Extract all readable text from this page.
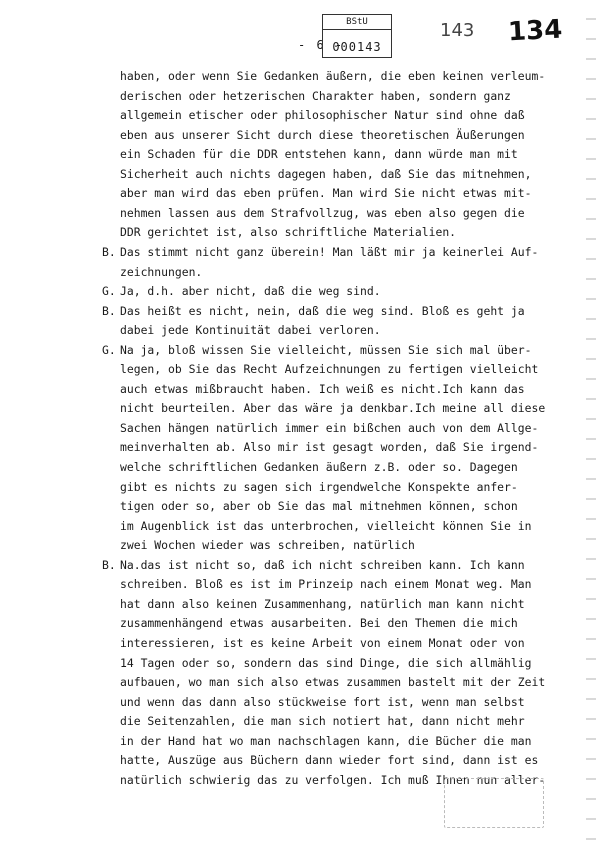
- 6 -
BStU
000143
143 134
haben, oder wenn Sie Gedanken äußern, die eben keinen verleum-
derischen oder hetzerischen Charakter haben, sondern ganz
allgemein etischer oder philosophischer Natur sind ohne daß
eben aus unserer Sicht durch diese theoretischen Äußerungen
ein Schaden für die DDR entstehen kann, dann würde man mit
Sicherheit auch nichts dagegen haben, daß Sie das mitnehmen,
aber man wird das eben prüfen. Man wird Sie nicht etwas mit-
nehmen lassen aus dem Strafvollzug, was eben also gegen die
DDR gerichtet ist, also schriftliche Materialien.
B. Das stimmt nicht ganz überein! Man läßt mir ja keinerlei Auf-
zeichnungen.
G. Ja, d.h. aber nicht, daß die weg sind.
B. Das heißt es nicht, nein, daß die weg sind. Bloß es geht ja
dabei jede Kontinuität dabei verloren.
G. Na ja, bloß wissen Sie vielleicht, müssen Sie sich mal über-
legen, ob Sie das Recht Aufzeichnungen zu fertigen vielleicht
auch etwas mißbraucht haben. Ich weiß es nicht.Ich kann das
nicht beurteilen. Aber das wäre ja denkbar.Ich meine all diese
Sachen hängen natürlich immer ein bißchen auch von dem Allge-
meinverhalten ab. Also mir ist gesagt worden, daß Sie irgend-
welche schriftlichen Gedanken äußern z.B. oder so. Dagegen
gibt es nichts zu sagen sich irgendwelche Konspekte anfer-
tigen oder so, aber ob Sie das mal mitnehmen können, schon
im Augenblick ist das unterbrochen, vielleicht können Sie in
zwei Wochen wieder was schreiben, natürlich
B. Na.das ist nicht so, daß ich nicht schreiben kann. Ich kann
schreiben. Bloß es ist im Prinzeip nach einem Monat weg. Man
hat dann also keinen Zusammenhang, natürlich man kann nicht
zusammenhängend etwas ausarbeiten. Bei den Themen die mich
interessieren, ist es keine Arbeit von einem Monat oder von
14 Tagen oder so, sondern das sind Dinge, die sich allmählig
aufbauen, wo man sich also etwas zusammen bastelt mit der Zeit
und wenn das dann also stückweise fort ist, wenn man selbst
die Seitenzahlen, die man sich notiert hat, dann nicht mehr
in der Hand hat wo man nachschlagen kann, die Bücher die man
hatte, Auszüge aus Büchern dann wieder fort sind, dann ist es
natürlich schwierig das zu verfolgen. Ich muß Ihnen nun aller-
